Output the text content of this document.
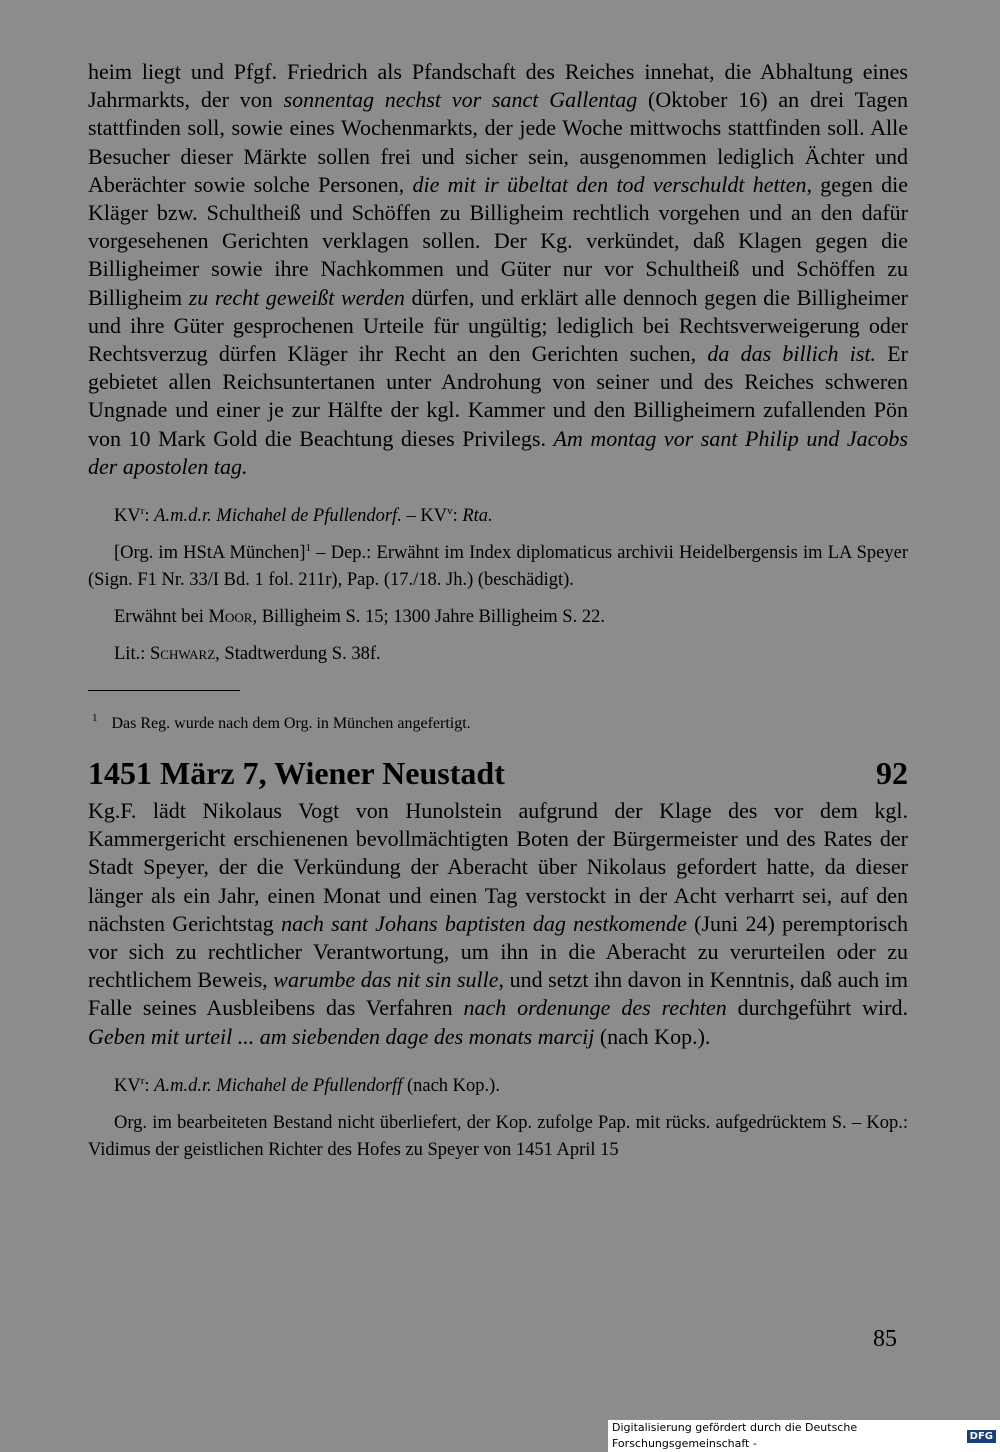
heim liegt und Pfgf. Friedrich als Pfandschaft des Reiches innehat, die Abhaltung eines Jahrmarkts, der von sonnentag nechst vor sanct Gallentag (Oktober 16) an drei Tagen stattfinden soll, sowie eines Wochenmarkts, der jede Woche mittwochs stattfinden soll. Alle Besucher dieser Märkte sollen frei und sicher sein, ausgenommen lediglich Ächter und Aberächter sowie solche Personen, die mit ir übeltat den tod verschuldt hetten, gegen die Kläger bzw. Schultheiß und Schöffen zu Billigheim rechtlich vorgehen und an den dafür vorgesehenen Gerichten verklagen sollen. Der Kg. verkündet, daß Klagen gegen die Billigheimer sowie ihre Nachkommen und Güter nur vor Schultheiß und Schöffen zu Billigheim zu recht geweißt werden dürfen, und erklärt alle dennoch gegen die Billigheimer und ihre Güter gesprochenen Urteile für ungültig; lediglich bei Rechtsverweigerung oder Rechtsverzug dürfen Kläger ihr Recht an den Gerichten suchen, da das billich ist. Er gebietet allen Reichsuntertanen unter Androhung von seiner und des Reiches schweren Ungnade und einer je zur Hälfte der kgl. Kammer und den Billigheimern zufallenden Pön von 10 Mark Gold die Beachtung dieses Privilegs. Am montag vor sant Philip und Jacobs der apostolen tag.

$KV^r$: A.m.d.r. Michahel de Pfullendorf. – $KV^v$: Rta.

[Org. im HStA München]$^1$ – Dep.: Erwähnt im Index diplomaticus archivii Heidelbergensis im LA Speyer (Sign. F1 Nr. 33/I Bd. 1 fol. 211r), Pap. (17./18. Jh.) (beschädigt).

Erwähnt bei Moor, Billigheim S. 15; 1300 Jahre Billigheim S. 22.

Lit.: Schwarz, Stadtwerdung S. 38f.

$^1$ Das Reg. wurde nach dem Org. in München angefertigt.
1451 März 7, Wiener Neustadt	92

Kg.F. lädt Nikolaus Vogt von Hunolstein aufgrund der Klage des vor dem kgl. Kammergericht erschienenen bevollmächtigten Boten der Bürgermeister und des Rates der Stadt Speyer, der die Verkündung der Aberacht über Nikolaus gefordert hatte, da dieser länger als ein Jahr, einen Monat und einen Tag verstockt in der Acht verharrt sei, auf den nächsten Gerichtstag nach sant Johans baptisten dag nestkomende (Juni 24) peremptorisch vor sich zu rechtlicher Verantwortung, um ihn in die Aberacht zu verurteilen oder zu rechtlichem Beweis, warumbe das nit sin sulle, und setzt ihn davon in Kenntnis, daß auch im Falle seines Ausbleibens das Verfahren nach ordenunge des rechten durchgeführt wird. Geben mit urteil ... am siebenden dage des monats marcij (nach Kop.).

$KV^r$: A.m.d.r. Michahel de Pfullendorff (nach Kop.).

Org. im bearbeiteten Bestand nicht überliefert, der Kop. zufolge Pap. mit rücks. aufgedrücktem S. – Kop.: Vidimus der geistlichen Richter des Hofes zu Speyer von 1451 April 15

85
Digitalisierung gefördert durch die Deutsche Forschungsgemeinschaft -
DFG
